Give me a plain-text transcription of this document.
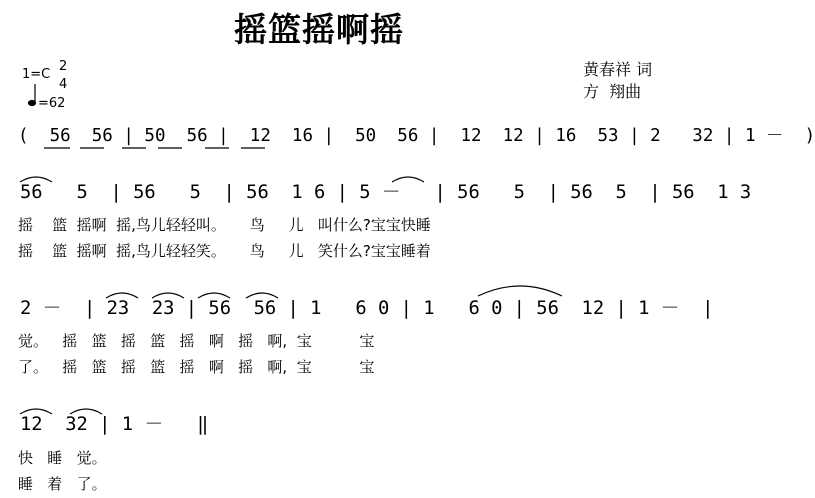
摇篮摇啊摇
1=C
2
4
=62
黄春祥 词
方  翔曲
(  56  56 | 50  56 |  12  16 |  50  56 |  12  12 | 16  53 | 2   32 | 1 －  )
56   5  | 56   5  | 56  1 6 | 5 －   | 56   5  | 56  5  | 56  1 3
摇    篮  摇啊  摇,鸟儿轻轻叫。     鸟     儿   叫什么?宝宝快睡
摇    篮  摇啊  摇,鸟儿轻轻笑。     鸟     儿   笑什么?宝宝睡着
2 －  | 23  23 | 56  56 | 1   6 0 | 1   6 0 | 56  12 | 1 －  |
觉。   摇   篮   摇   篮   摇   啊   摇   啊,  宝          宝
了。   摇   篮   摇   篮   摇   啊   摇   啊,  宝          宝
12  32 | 1 －   ‖
快   睡   觉。
睡   着   了。
